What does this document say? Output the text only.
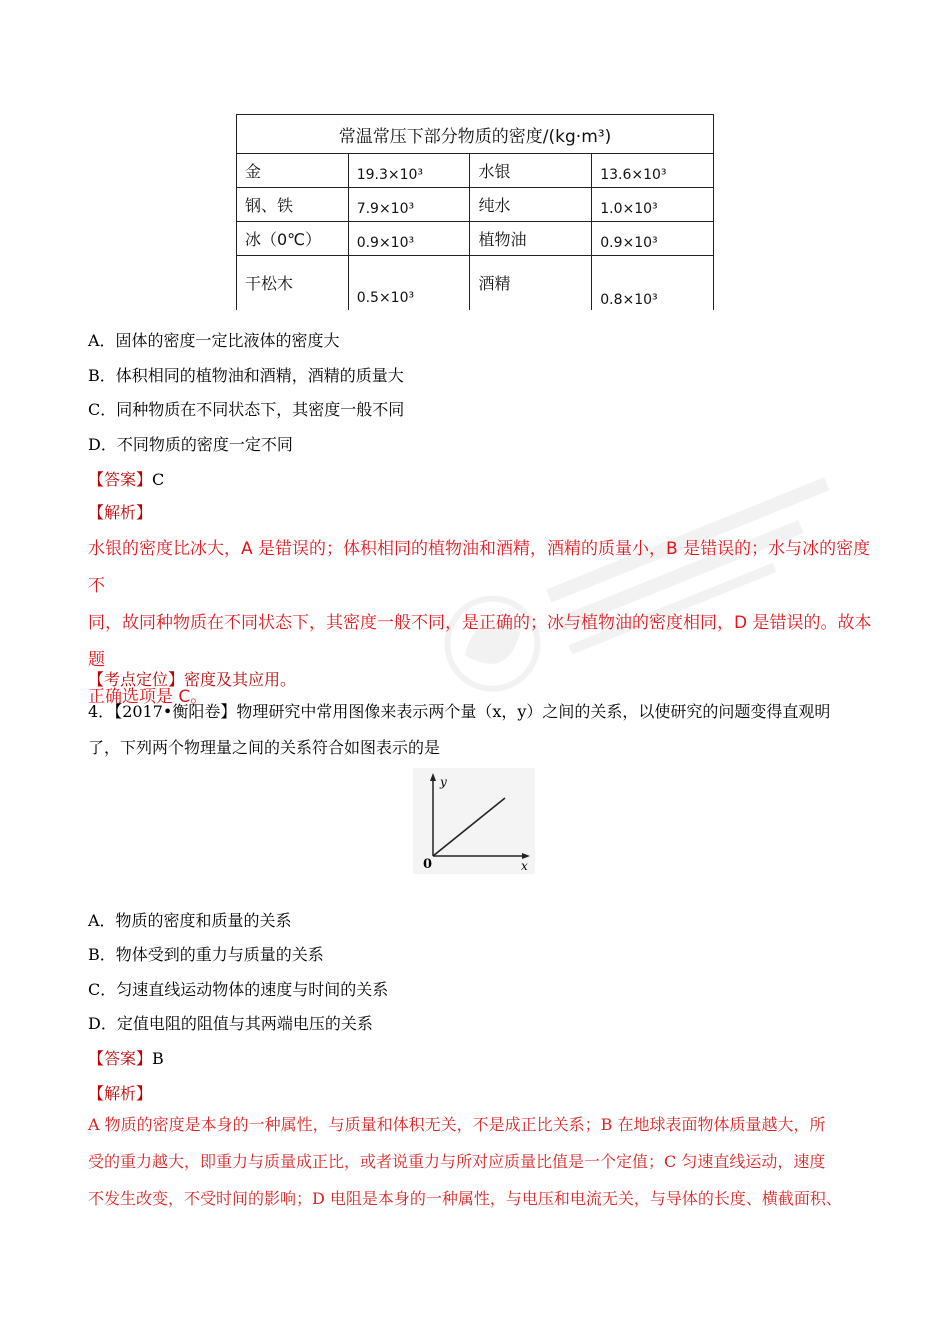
常温常压下部分物质的密度/(kg·m³)			
金	19.3×10³	水银	13.6×10³
钢、铁	7.9×10³	纯水	1.0×10³
冰（0℃）	0.9×10³	植物油	0.9×10³
干松木	0.5×10³	酒精	0.8×10³
A．固体的密度一定比液体的密度大
B．体积相同的植物油和酒精，酒精的质量大
C．同种物质在不同状态下，其密度一般不同
D．不同物质的密度一定不同
【答案】C
【解析】
水银的密度比冰大，A 是错误的；体积相同的植物油和酒精，酒精的质量小，B 是错误的；水与冰的密度不
同，故同种物质在不同状态下，其密度一般不同，是正确的；冰与植物油的密度相同，D 是错误的。故本题
正确选项是 C。
【考点定位】密度及其应用。
4．【2017•衡阳卷】物理研究中常用图像来表示两个量（x，y）之间的关系，以使研究的问题变得直观明
了，下列两个物理量之间的关系符合如图表示的是
y
x
0
A．物质的密度和质量的关系
B．物体受到的重力与质量的关系
C．匀速直线运动物体的速度与时间的关系
D．定值电阻的阻值与其两端电压的关系
【答案】B
【解析】
A 物质的密度是本身的一种属性，与质量和体积无关，不是成正比关系；B 在地球表面物体质量越大，所
受的重力越大，即重力与质量成正比，或者说重力与所对应质量比值是一个定值；C 匀速直线运动，速度
不发生改变，不受时间的影响；D 电阻是本身的一种属性，与电压和电流无关，与导体的长度、横截面积、
